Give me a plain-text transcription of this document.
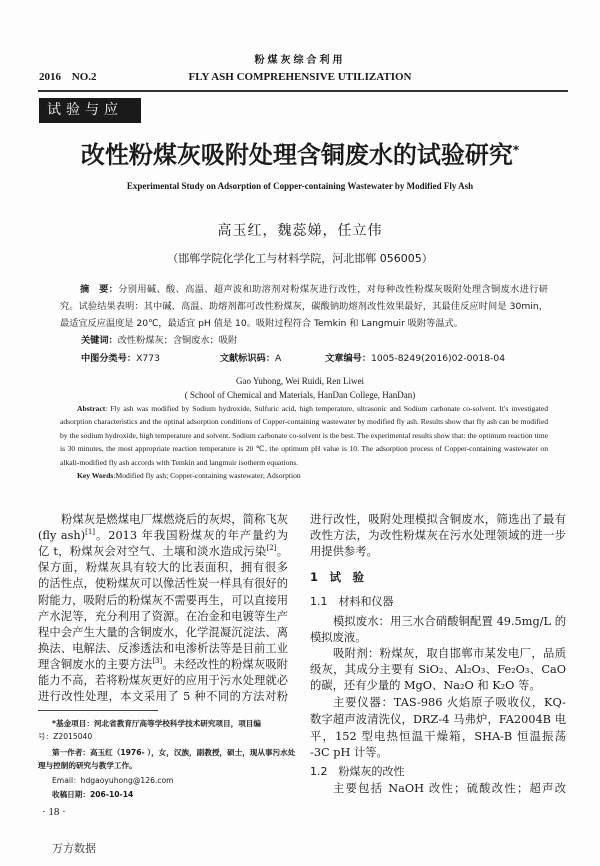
粉煤灰综合利用
2016 NO.2	FLY ASH COMPREHENSIVE UTILIZATION
试验与应用
改性粉煤灰吸附处理含铜废水的试验研究*
Experimental Study on Adsorption of Copper-containing Wastewater by Modified Fly Ash
高玉红，魏蕊娣，任立伟
（邯郸学院化学化工与材料学院，河北邯郸 056005）
摘　要：分别用碱、酸、高温、超声波和助溶剂对粉煤灰进行改性，对每种改性粉煤灰吸附处理含铜废水进行研究。试验结果表明：其中碱、高温、助熔剂都可改性粉煤灰，碳酸钠助熔剂改性效果最好，其最佳反应时间是 30min，最适宜反应温度是 20℃，最适宜 pH 值是 10。吸附过程符合 Temkin 和 Langmuir 吸附等温式。
关键词：改性粉煤灰；含铜废水；吸附
中图分类号：X773	文献标识码：A	文章编号：1005-8249(2016)02-0018-04
Gao Yuhong, Wei Ruidi, Ren Liwei
( School of Chemical and Materials, HanDan College, HanDan)
Abstract: Fly ash was modified by Sodium hydroxide, Sulfuric acid, high temperature, ultrasonic and Sodium carbonate co-solvent. It's investigated adsorption characteristics and the optinal adsorption conditions of Copper-containing wastewater by modified fly ash. Results show that fly ash can be modified by the sodium hydroxide, high temperature and solvent. Sodium carbonate co-solvent is the best. The experimental results show that: the optimum reaction time is 30 minutes, the most appropriate reaction temperature is 20 ℃, the optimum pH value is 10. The adsorption process of Copper-containing wastewater on alkali-modified fly ash accords with Temkin and langmuir isotherm equations.
Key Words:Modified fly ash; Copper-containing wastewater; Adsorption
粉煤灰是燃煤电厂煤燃烧后的灰烬，简称飞灰
(fly ash)[1]。2013 年我国粉煤灰的年产量约为
亿 t，粉煤灰会对空气、土壤和淡水造成污染[2]。
保方面，粉煤灰具有较大的比表面积，拥有很多
的活性点，使粉煤灰可以像活性炭一样具有很好的
附能力，吸附后的粉煤灰不需要再生，可以直接用
产水泥等，充分利用了资源。在冶金和电镀等生产
程中会产生大量的含铜废水，化学混凝沉淀法、离
换法、电解法、反渗透法和电渗析法等是目前工业
理含铜废水的主要方法[3]。未经改性的粉煤灰吸附
能力不高，若将粉煤灰更好的应用于污水处理就必
进行改性处理，本文采用了 5 种不同的方法对粉
进行改性，吸附处理模拟含铜废水，筛选出了最有
改性方法，为改性粉煤灰在污水处理领域的进一步
用提供参考。
1　试　验
1.1　材料和仪器
模拟废水：用三水合硝酸铜配置 49.5mg/L 的
模拟废液。
吸附剂：粉煤灰，取自邯郸市某发电厂，品质
级灰，其成分主要有 SiO₂、Al₂O₃、Fe₂O₃、CaO
的碳，还有少量的 MgO、Na₂O 和 K₂O 等。
主要仪器：TAS-986 火焰原子吸收仪，KQ-
数字超声波清洗仪，DRZ-4 马弗炉，FA2004B 电
平，152 型电热恒温干燥箱，SHA-B 恒温振荡
-3C pH 计等。
1.2　粉煤灰的改性
主要包括 NaOH 改性；硫酸改性；超声改
*基金项目：河北省教育厅高等学校科学技术研究项目，项目编
号：Z2015040
第一作者：高玉红（1976- ），女，汉族，副教授，硕士，现从事污水处
理与控制的研究与教学工作。
Email：hdgaoyuhong@126.com
收稿日期：206-10-14
· 18 ·
万方数据
